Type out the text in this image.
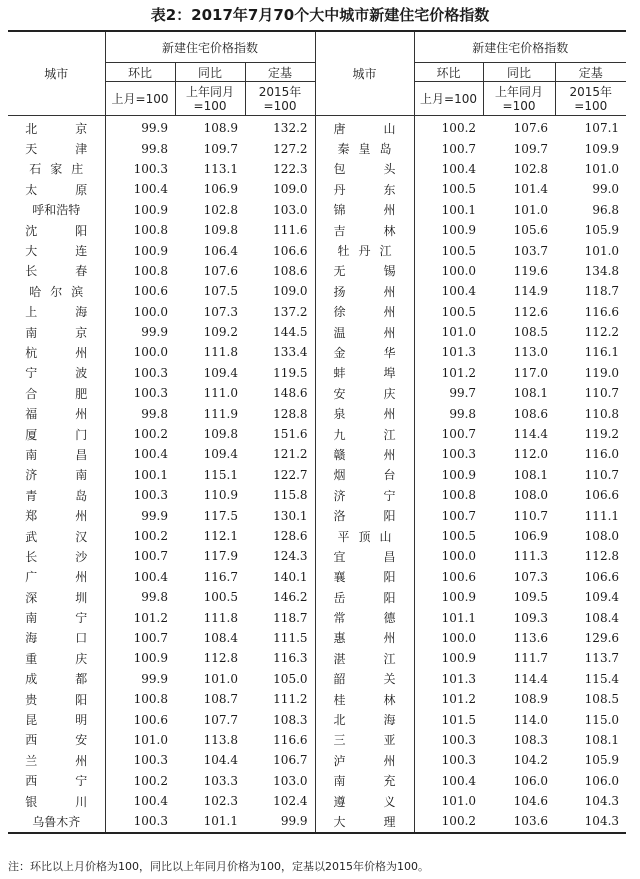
表2：2017年7月70个大中城市新建住宅价格指数
城市	新建住宅价格指数			城市	新建住宅价格指数		
	环比	同比	定基		环比	同比	定基
	上月=100	上年同月=100	2015年=100		上月=100	上年同月=100	2015年=100
北京	99.9	108.9	132.2	唐山	100.2	107.6	107.1
天津	99.8	109.7	127.2	秦皇岛	100.7	109.7	109.9
石家庄	100.3	113.1	122.3	包头	100.4	102.8	101.0
太原	100.4	106.9	109.0	丹东	100.5	101.4	99.0
呼和浩特	100.9	102.8	103.0	锦州	100.1	101.0	96.8
沈阳	100.8	109.8	111.6	吉林	100.9	105.6	105.9
大连	100.9	106.4	106.6	牡丹江	100.5	103.7	101.0
长春	100.8	107.6	108.6	无锡	100.0	119.6	134.8
哈尔滨	100.6	107.5	109.0	扬州	100.4	114.9	118.7
上海	100.0	107.3	137.2	徐州	100.5	112.6	116.6
南京	99.9	109.2	144.5	温州	101.0	108.5	112.2
杭州	100.0	111.8	133.4	金华	101.3	113.0	116.1
宁波	100.3	109.4	119.5	蚌埠	101.2	117.0	119.0
合肥	100.3	111.0	148.6	安庆	99.7	108.1	110.7
福州	99.8	111.9	128.8	泉州	99.8	108.6	110.8
厦门	100.2	109.8	151.6	九江	100.7	114.4	119.2
南昌	100.4	109.4	121.2	赣州	100.3	112.0	116.0
济南	100.1	115.1	122.7	烟台	100.9	108.1	110.7
青岛	100.3	110.9	115.8	济宁	100.8	108.0	106.6
郑州	99.9	117.5	130.1	洛阳	100.7	110.7	111.1
武汉	100.2	112.1	128.6	平顶山	100.5	106.9	108.0
长沙	100.7	117.9	124.3	宜昌	100.0	111.3	112.8
广州	100.4	116.7	140.1	襄阳	100.6	107.3	106.6
深圳	99.8	100.5	146.2	岳阳	100.9	109.5	109.4
南宁	101.2	111.8	118.7	常德	101.1	109.3	108.4
海口	100.7	108.4	111.5	惠州	100.0	113.6	129.6
重庆	100.9	112.8	116.3	湛江	100.9	111.7	113.7
成都	99.9	101.0	105.0	韶关	101.3	114.4	115.4
贵阳	100.8	108.7	111.2	桂林	101.2	108.9	108.5
昆明	100.6	107.7	108.3	北海	101.5	114.0	115.0
西安	101.0	113.8	116.6	三亚	100.3	108.3	108.1
兰州	100.3	104.4	106.7	泸州	100.3	104.2	105.9
西宁	100.2	103.3	103.0	南充	100.4	106.0	106.0
银川	100.4	102.3	102.4	遵义	101.0	104.6	104.3
乌鲁木齐	100.3	101.1	99.9	大理	100.2	103.6	104.3
注：环比以上月价格为100，同比以上年同月价格为100，定基以2015年价格为100。
